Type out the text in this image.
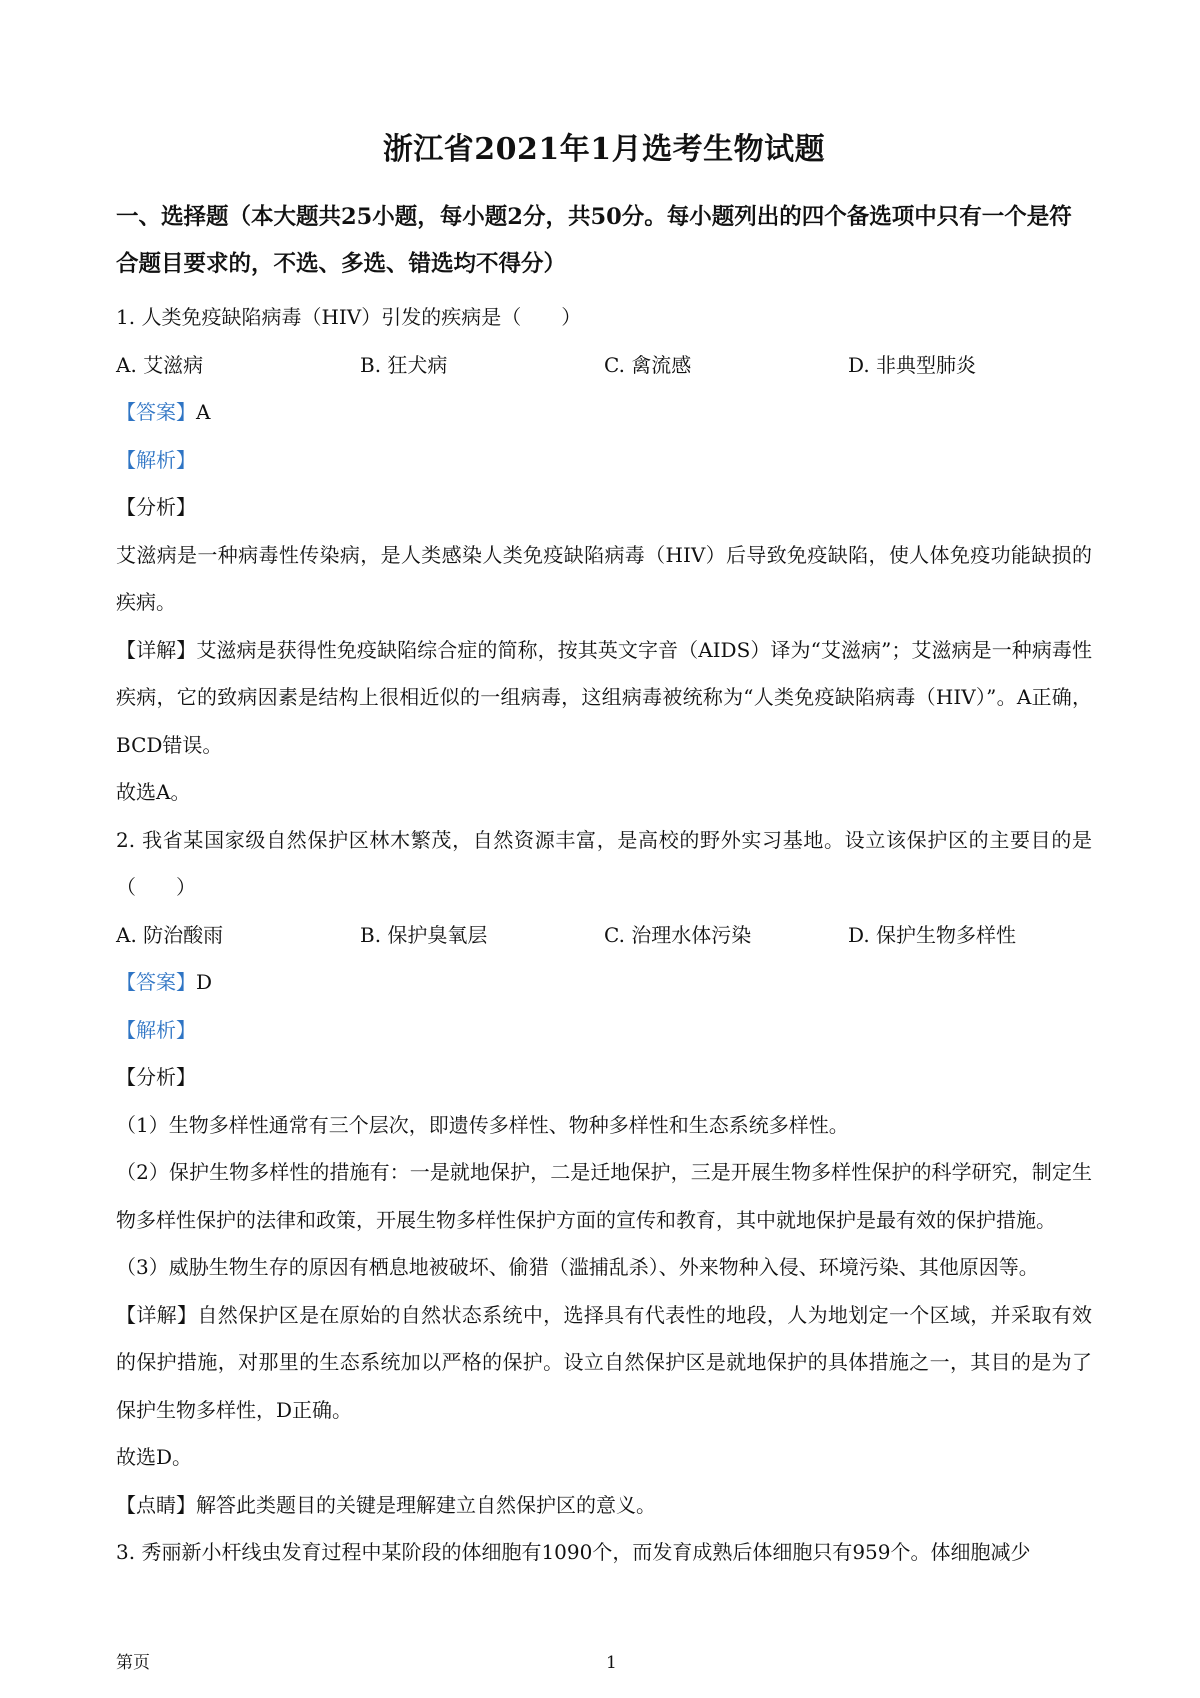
浙江省2021年1月选考生物试题
一、选择题（本大题共25小题，每小题2分，共50分。每小题列出的四个备选项中只有一个是符合题目要求的，不选、多选、错选均不得分）
1. 人类免疫缺陷病毒（HIV）引发的疾病是（　　）
A. 艾滋病	B. 狂犬病	C. 禽流感	D. 非典型肺炎
【答案】A
【解析】
【分析】
艾滋病是一种病毒性传染病，是人类感染人类免疫缺陷病毒（HIV）后导致免疫缺陷，使人体免疫功能缺损的疾病。
【详解】艾滋病是获得性免疫缺陷综合症的简称，按其英文字音（AIDS）译为“艾滋病”；艾滋病是一种病毒性疾病，它的致病因素是结构上很相近似的一组病毒，这组病毒被统称为“人类免疫缺陷病毒（HIV）”。A正确，BCD错误。
故选A。
2. 我省某国家级自然保护区林木繁茂，自然资源丰富，是高校的野外实习基地。设立该保护区的主要目的是（　　）
A. 防治酸雨	B. 保护臭氧层	C. 治理水体污染	D. 保护生物多样性
【答案】D
【解析】
【分析】
（1）生物多样性通常有三个层次，即遗传多样性、物种多样性和生态系统多样性。
（2）保护生物多样性的措施有：一是就地保护，二是迁地保护，三是开展生物多样性保护的科学研究，制定生物多样性保护的法律和政策，开展生物多样性保护方面的宣传和教育，其中就地保护是最有效的保护措施。
（3）威胁生物生存的原因有栖息地被破坏、偷猎（滥捕乱杀）、外来物种入侵、环境污染、其他原因等。
【详解】自然保护区是在原始的自然状态系统中，选择具有代表性的地段，人为地划定一个区域，并采取有效的保护措施，对那里的生态系统加以严格的保护。设立自然保护区是就地保护的具体措施之一，其目的是为了保护生物多样性，D正确。
故选D。
【点睛】解答此类题目的关键是理解建立自然保护区的意义。
3. 秀丽新小杆线虫发育过程中某阶段的体细胞有1090个，而发育成熟后体细胞只有959个。体细胞减少
第页	1
